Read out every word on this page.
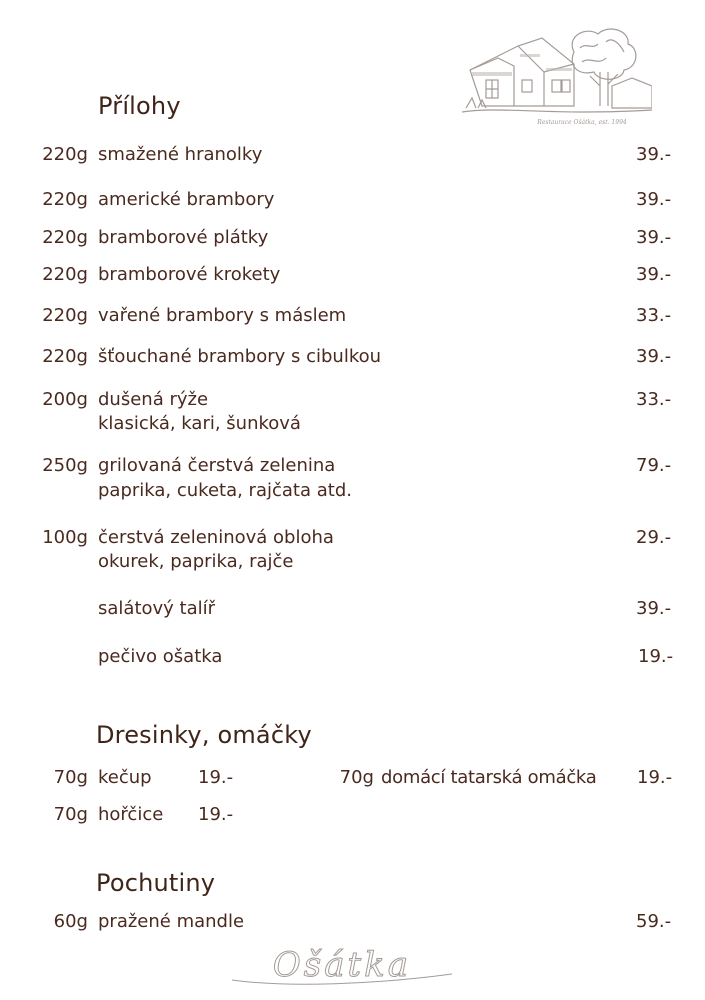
Restaurace Ošátka, est. 1994
Přílohy
220g smažené hranolky	39.-
220g americké brambory	39.-
220g bramborové plátky	39.-
220g bramborové krokety	39.-
220g vařené brambory s máslem	33.-
220g šťouchané brambory s cibulkou	39.-
200g dušená rýže
klasická, kari, šunková
33.-
250g grilovaná čerstvá zelenina
paprika, cuketa, rajčata atd.
79.-
100g čerstvá zeleninová obloha
okurek, paprika, rajče
29.-
salátový talíř	39.-
pečivo ošatka	19.-
Dresinky, omáčky
70g kečup	19.-
70g hořčice 19.-
70g domácí tatarská omáčka 19.-
Pochutiny
60g pražené mandle	59.-
Ošátka
